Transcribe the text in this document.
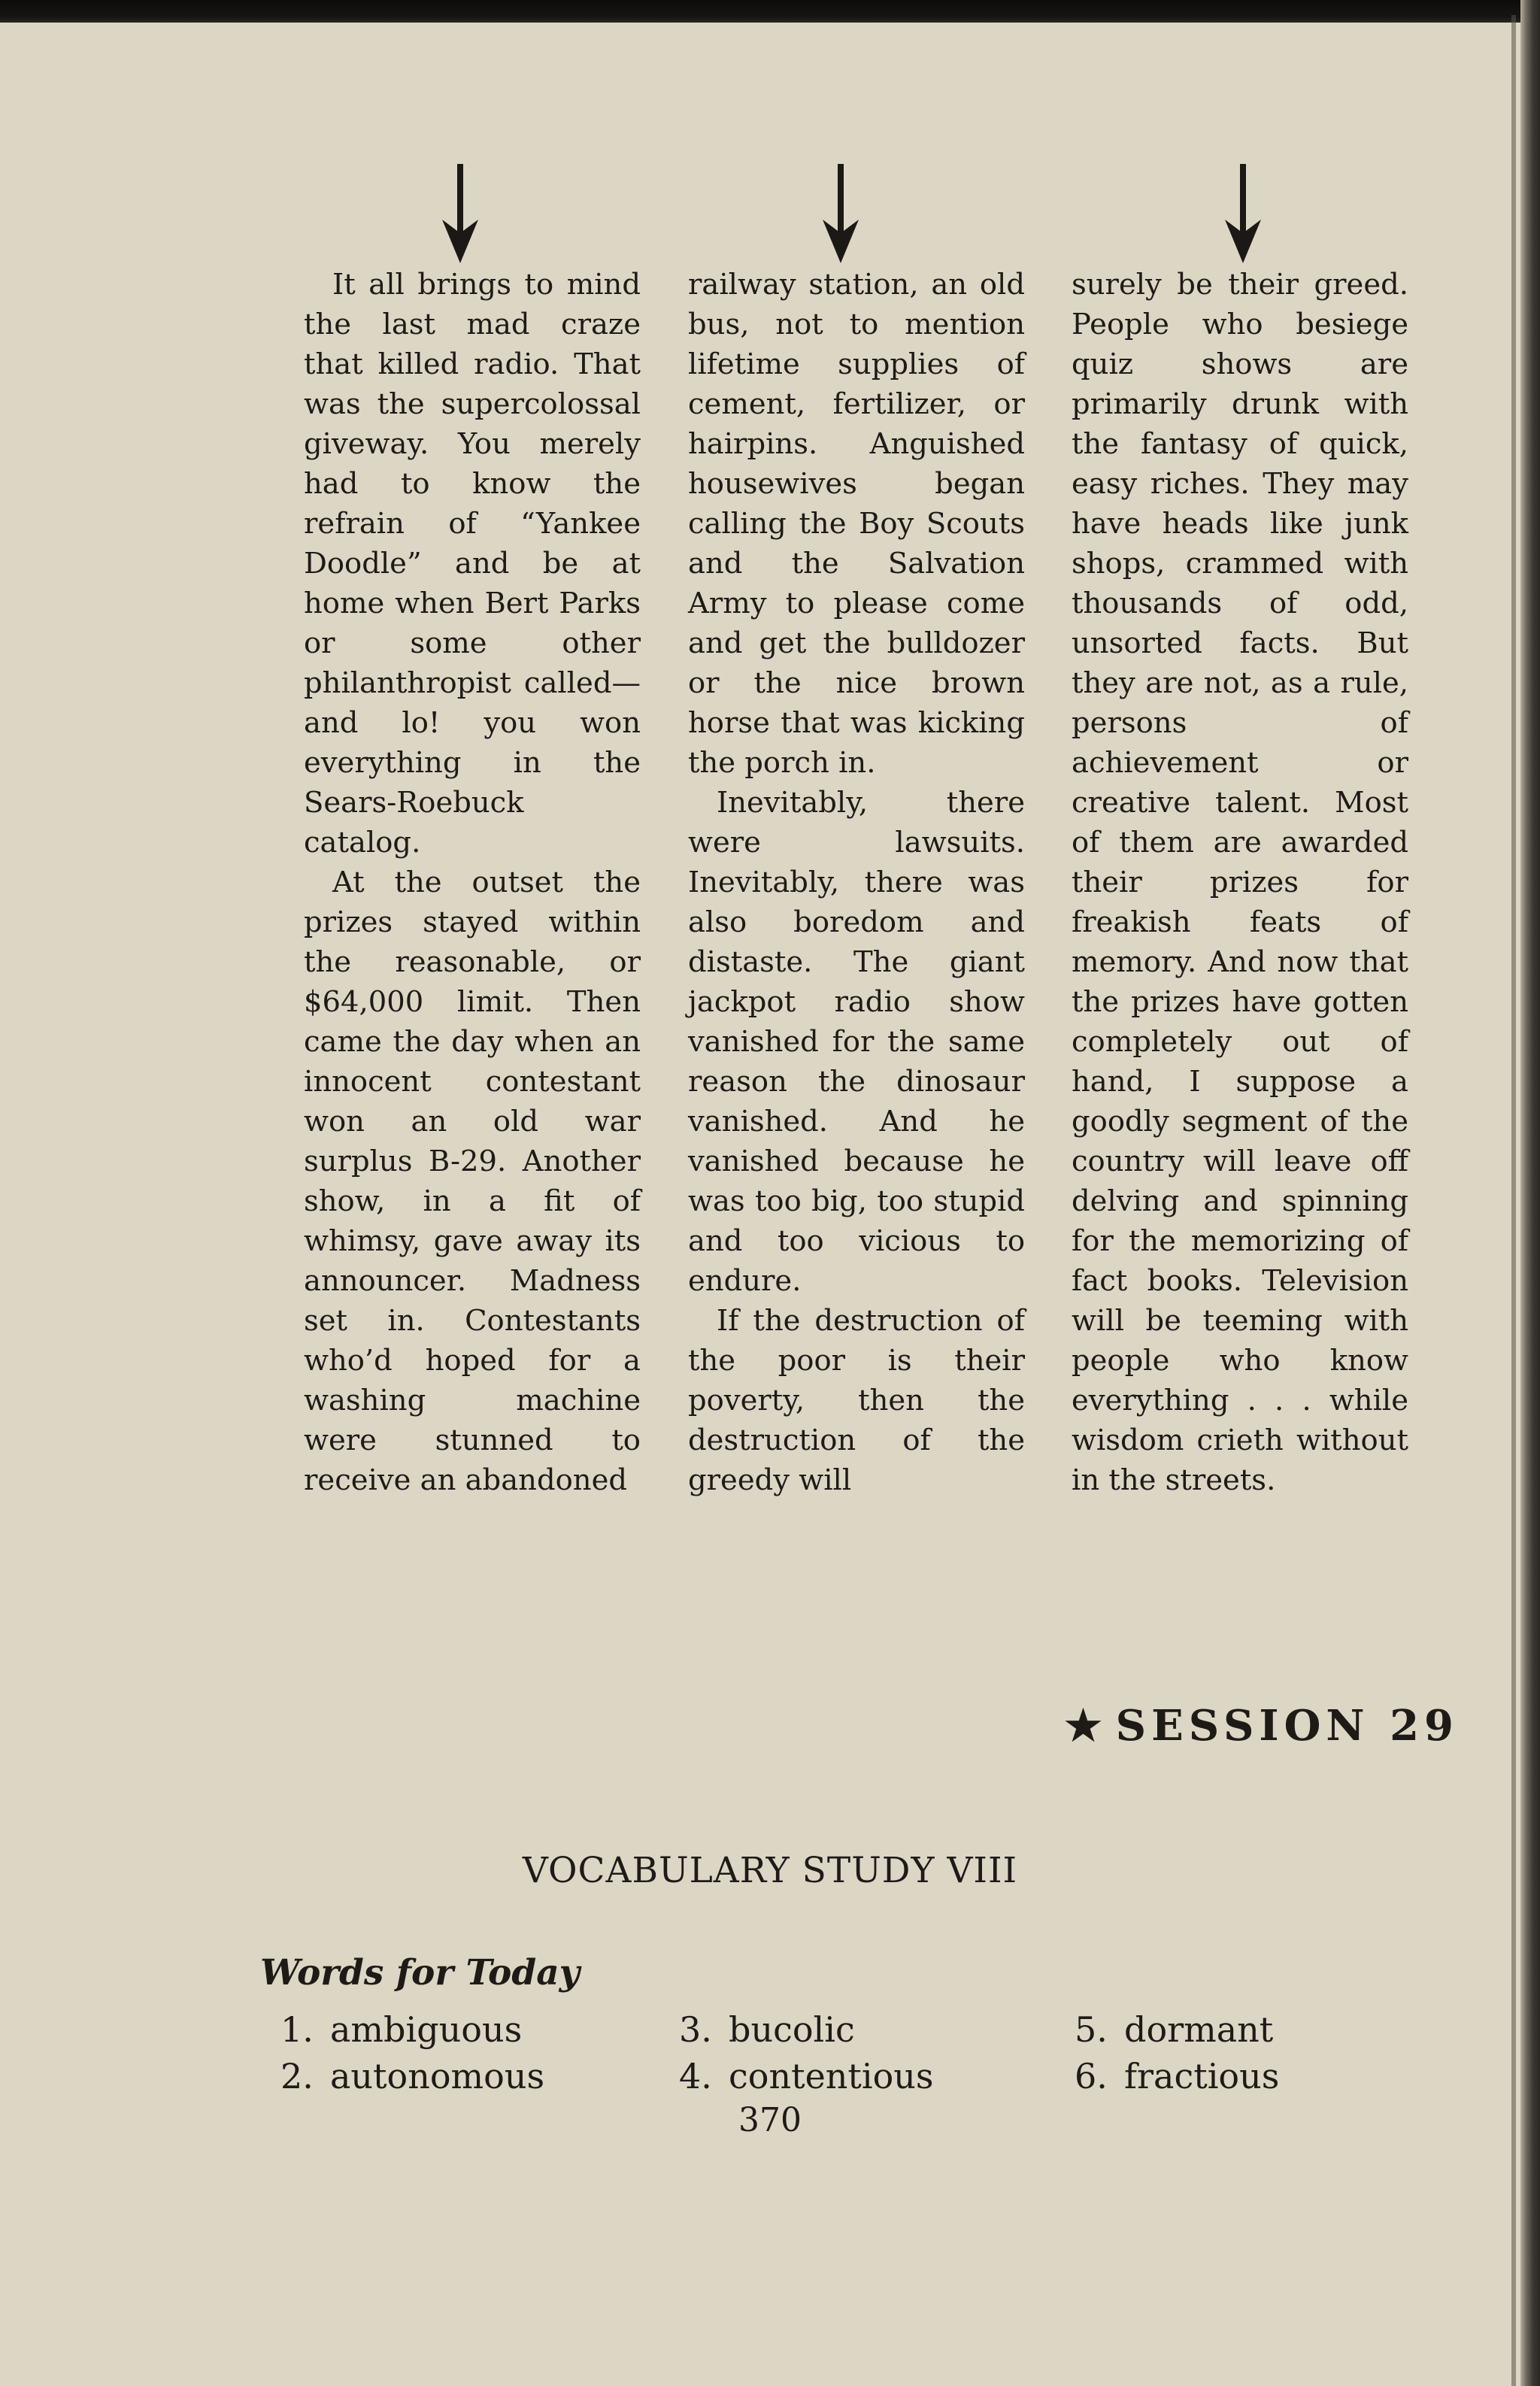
It all brings to mind the last mad craze that killed radio. That was the supercolossal giveway. You merely had to know the refrain of “Yankee Doodle” and be at home when Bert Parks or some other philanthropist called—and lo! you won everything in the Sears-Roebuck catalog.

At the outset the prizes stayed within the reasonable, or $64,000 limit. Then came the day when an innocent contestant won an old war surplus B-29. Another show, in a fit of whimsy, gave away its announcer. Madness set in. Contestants who’d hoped for a washing machine were stunned to receive an abandoned

railway station, an old bus, not to mention lifetime supplies of cement, fertilizer, or hairpins. Anguished housewives began calling the Boy Scouts and the Salvation Army to please come and get the bulldozer or the nice brown horse that was kicking the porch in.

Inevitably, there were lawsuits. Inevitably, there was also boredom and distaste. The giant jackpot radio show vanished for the same reason the dinosaur vanished. And he vanished because he was too big, too stupid and too vicious to endure.

If the destruction of the poor is their poverty, then the destruction of the greedy will

surely be their greed. People who besiege quiz shows are primarily drunk with the fantasy of quick, easy riches. They may have heads like junk shops, crammed with thousands of odd, unsorted facts. But they are not, as a rule, persons of achievement or creative talent. Most of them are awarded their prizes for freakish feats of memory. And now that the prizes have gotten completely out of hand, I suppose a goodly segment of the country will leave off delving and spinning for the memorizing of fact books. Television will be teeming with people who know everything . . . while wisdom crieth without in the streets.

★ SESSION 29
VOCABULARY STUDY VIII
Words for Today
1. ambiguous
2. autonomous
3. bucolic
4. contentious
5. dormant
6. fractious
370
